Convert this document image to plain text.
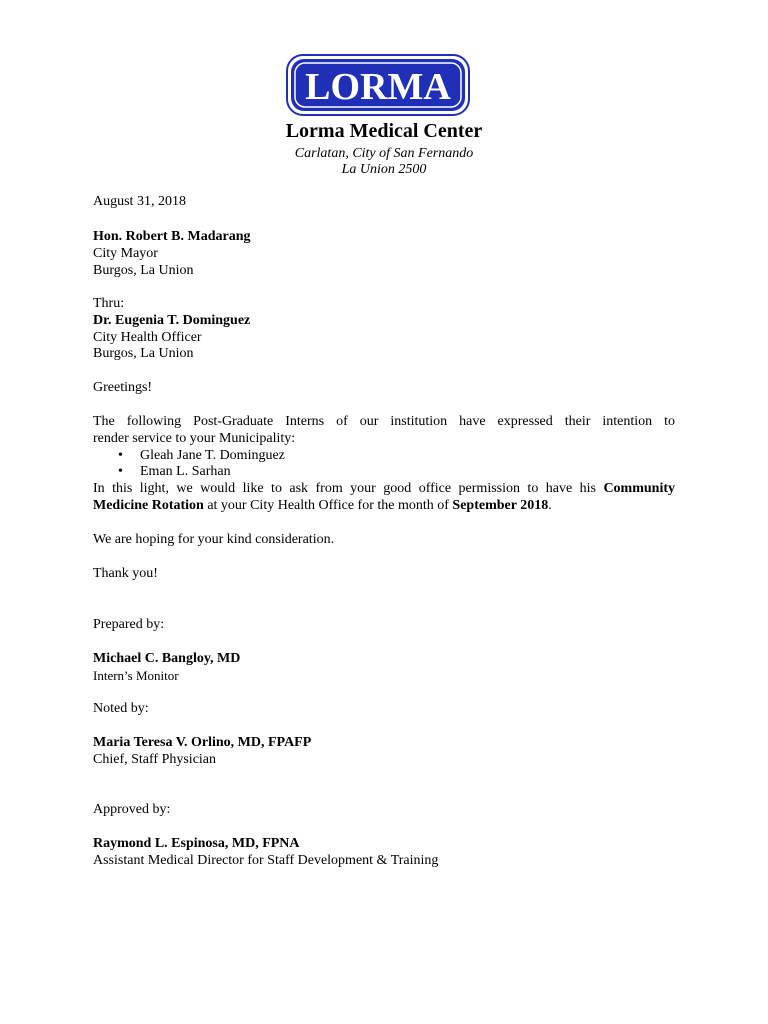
LORMA
Lorma Medical Center
Carlatan, City of San Fernando
La Union 2500
August 31, 2018
Hon. Robert B. Madarang
City Mayor
Burgos, La Union
Thru:
Dr. Eugenia T. Dominguez
City Health Officer
Burgos, La Union
Greetings!
The following Post-Graduate Interns of our institution have expressed their intention to
render service to your Municipality:
• Gleah Jane T. Dominguez
• Eman L. Sarhan
In this light, we would like to ask from your good office permission to have his Community
Medicine Rotation at your City Health Office for the month of September 2018.
We are hoping for your kind consideration.
Thank you!
Prepared by:
Michael C. Bangloy, MD
Intern’s Monitor
Noted by:
Maria Teresa V. Orlino, MD, FPAFP
Chief, Staff Physician
Approved by:
Raymond L. Espinosa, MD, FPNA
Assistant Medical Director for Staff Development & Training
